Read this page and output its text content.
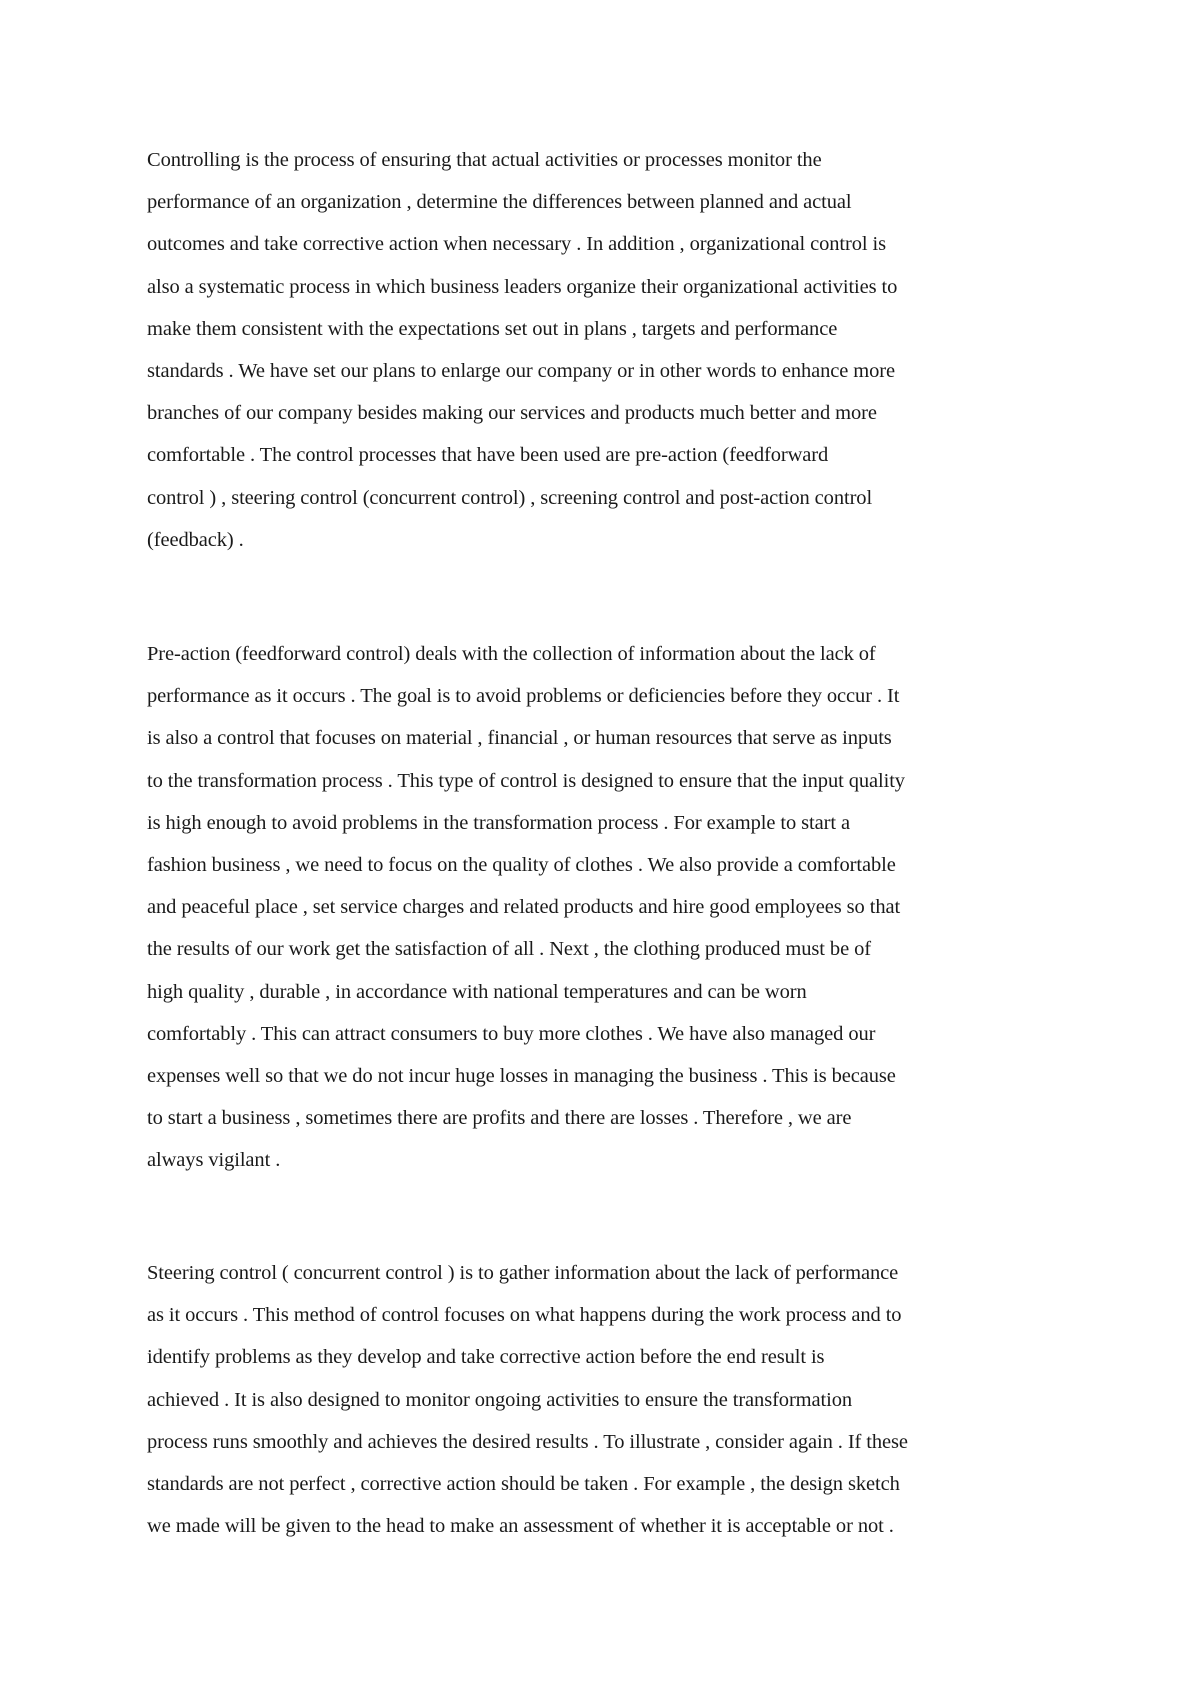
Controlling is the process of ensuring that actual activities or processes monitor the
performance of an organization , determine the differences between planned and actual
outcomes and take corrective action when necessary . In addition , organizational control is
also a systematic process in which business leaders organize their organizational activities to
make them consistent with the expectations set out in plans , targets and performance
standards . We have set our plans to enlarge our company or in other words to enhance more
branches of our company besides making our services and products much better and more
comfortable . The control processes that have been used are pre-action (feedforward
control ) , steering control (concurrent control) , screening control and post-action control
(feedback) .

Pre-action (feedforward control) deals with the collection of information about the lack of
performance as it occurs . The goal is to avoid problems or deficiencies before they occur . It
is also a control that focuses on material , financial , or human resources that serve as inputs
to the transformation process . This type of control is designed to ensure that the input quality
is high enough to avoid problems in the transformation process . For example to start a
fashion business , we need to focus on the quality of clothes . We also provide a comfortable
and peaceful place , set service charges and related products and hire good employees so that
the results of our work get the satisfaction of all . Next , the clothing produced must be of
high quality , durable , in accordance with national temperatures and can be worn
comfortably . This can attract consumers to buy more clothes . We have also managed our
expenses well so that we do not incur huge losses in managing the business . This is because
to start a business , sometimes there are profits and there are losses . Therefore , we are
always vigilant .

Steering control ( concurrent control ) is to gather information about the lack of performance
as it occurs . This method of control focuses on what happens during the work process and to
identify problems as they develop and take corrective action before the end result is
achieved . It is also designed to monitor ongoing activities to ensure the transformation
process runs smoothly and achieves the desired results . To illustrate , consider again . If these
standards are not perfect , corrective action should be taken . For example , the design sketch
we made will be given to the head to make an assessment of whether it is acceptable or not .
